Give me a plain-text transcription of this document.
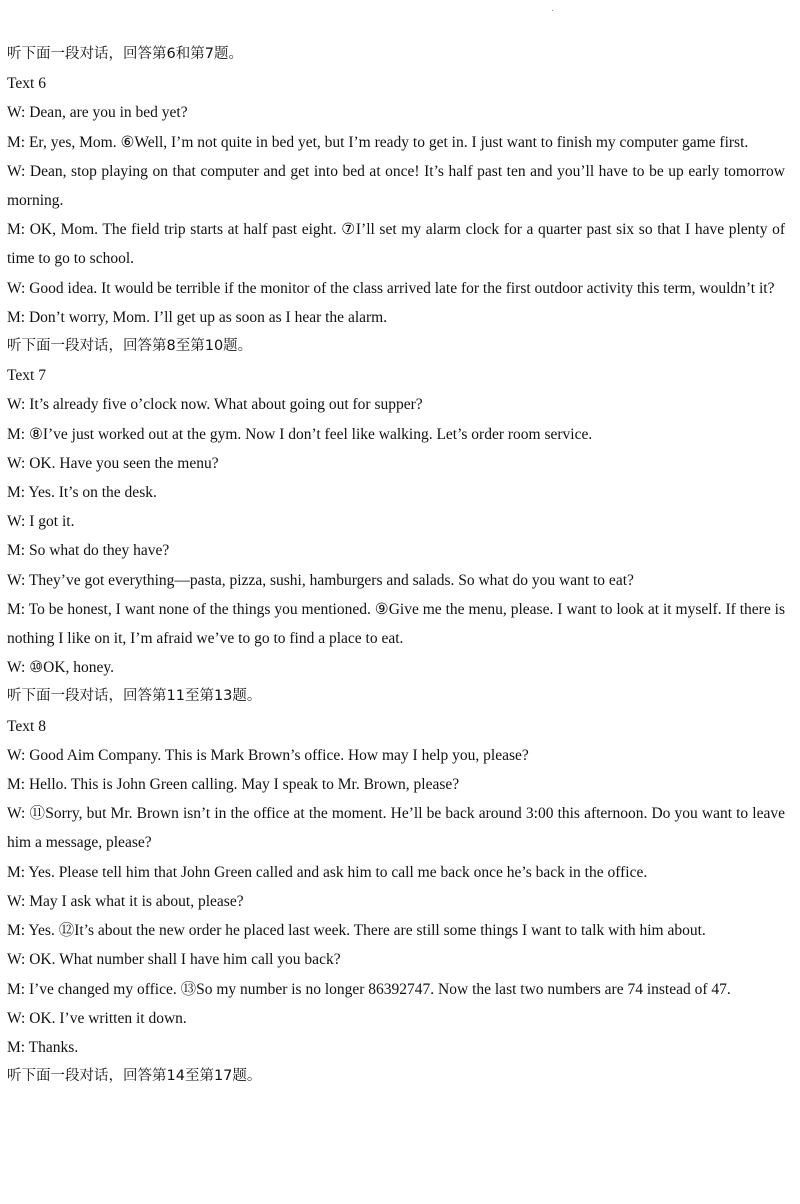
·
听下面一段对话，回答第6和第7题。
Text 6
W: Dean, are you in bed yet?
M: Er, yes, Mom. ⑥Well, I’m not quite in bed yet, but I’m ready to get in. I just want to finish my computer game first.
W: Dean, stop playing on that computer and get into bed at once! It’s half past ten and you’ll have to be up early tomorrow morning.
M: OK, Mom. The field trip starts at half past eight. ⑦I’ll set my alarm clock for a quarter past six so that I have plenty of time to go to school.
W: Good idea. It would be terrible if the monitor of the class arrived late for the first outdoor activity this term, wouldn’t it?
M: Don’t worry, Mom. I’ll get up as soon as I hear the alarm.
听下面一段对话，回答第8至第10题。
Text 7
W: It’s already five o’clock now. What about going out for supper?
M: ⑧I’ve just worked out at the gym. Now I don’t feel like walking. Let’s order room service.
W: OK. Have you seen the menu?
M: Yes. It’s on the desk.
W: I got it.
M: So what do they have?
W: They’ve got everything—pasta, pizza, sushi, hamburgers and salads. So what do you want to eat?
M: To be honest, I want none of the things you mentioned. ⑨Give me the menu, please. I want to look at it myself. If there is nothing I like on it, I’m afraid we’ve to go to find a place to eat.
W: ⑩OK, honey.
听下面一段对话，回答第11至第13题。
Text 8
W: Good Aim Company. This is Mark Brown’s office. How may I help you, please?
M: Hello. This is John Green calling. May I speak to Mr. Brown, please?
W: ⑪Sorry, but Mr. Brown isn’t in the office at the moment. He’ll be back around 3:00 this afternoon. Do you want to leave him a message, please?
M: Yes. Please tell him that John Green called and ask him to call me back once he’s back in the office.
W: May I ask what it is about, please?
M: Yes. ⑫It’s about the new order he placed last week. There are still some things I want to talk with him about.
W: OK. What number shall I have him call you back?
M: I’ve changed my office. ⑬So my number is no longer 86392747. Now the last two numbers are 74 instead of 47.
W: OK. I’ve written it down.
M: Thanks.
听下面一段对话，回答第14至第17题。
